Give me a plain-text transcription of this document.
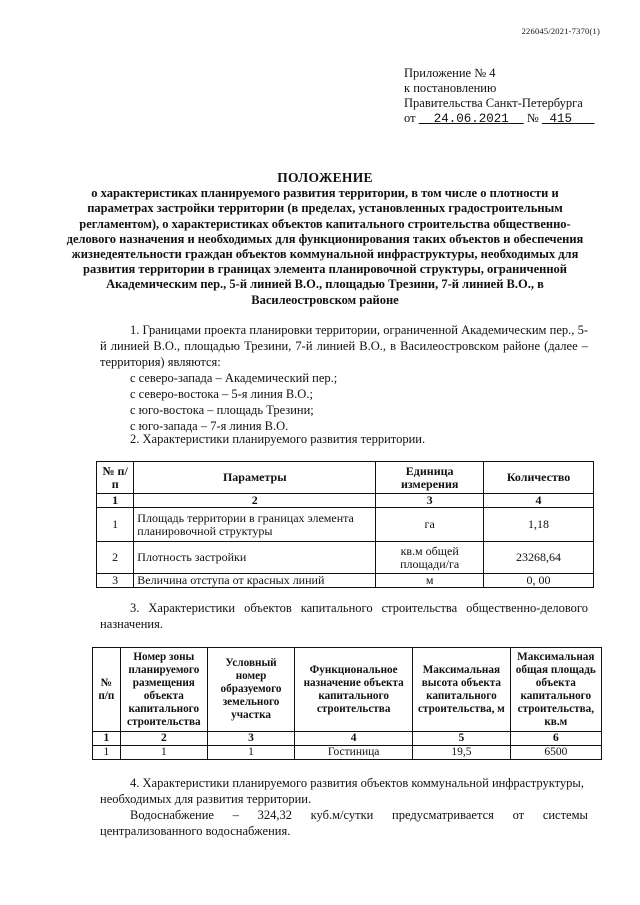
226045/2021-7370(1)
Приложение № 4
к постановлению
Правительства Санкт-Петербурга
от 24.06.2021 № 415
ПОЛОЖЕНИЕ
о характеристиках планируемого развития территории, в том числе о плотности и параметрах застройки территории (в пределах, установленных градостроительным регламентом), о характеристиках объектов капитального строительства общественно-делового назначения и необходимых для функционирования таких объектов и обеспечения жизнедеятельности граждан объектов коммунальной инфраструктуры, необходимых для развития территории в границах элемента планировочной структуры, ограниченной Академическим пер., 5-й линией В.О., площадью Трезини, 7-й линией В.О., в Василеостровском районе
1. Границами проекта планировки территории, ограниченной Академическим пер., 5-й линией В.О., площадью Трезини, 7-й линией В.О., в Василеостровском районе (далее – территория) являются:
с северо-запада – Академический пер.;
с северо-востока – 5-я линия В.О.;
с юго-востока – площадь Трезини;
с юго-запада – 7-я линия В.О.
2. Характеристики планируемого развития территории.
№ п/п	Параметры	Единица измерения	Количество
1	2	3	4
1	Площадь территории в границах элемента планировочной структуры	га	1,18
2	Плотность застройки	кв.м общей площади/га	23268,64
3	Величина отступа от красных линий	м	0, 00
3. Характеристики объектов капитального строительства общественно-делового назначения.
№ п/п	Номер зоны планируемого размещения объекта капитального строительства	Условный номер образуемого земельного участка	Функциональное назначение объекта капитального строительства	Максимальная высота объекта капитального строительства, м	Максимальная общая площадь объекта капитального строительства, кв.м
1	2	3	4	5	6
1	1	1	Гостиница	19,5	6500
4. Характеристики планируемого развития объектов коммунальной инфраструктуры, необходимых для развития территории.
Водоснабжение – 324,32 куб.м/сутки предусматривается от системы
централизованного водоснабжения.
